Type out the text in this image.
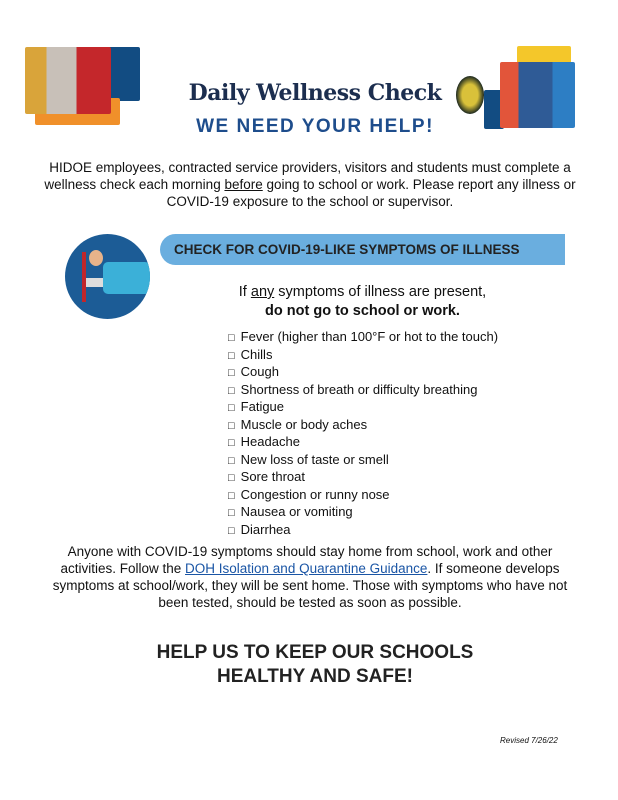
Daily Wellness Check
WE NEED YOUR HELP!

HIDOE employees, contracted service providers, visitors and students must complete a wellness check each morning before going to school or work. Please report any illness or COVID-19 exposure to the school or supervisor.

CHECK FOR COVID-19-LIKE SYMPTOMS OF ILLNESS
If any symptoms of illness are present,
do not go to school or work.
□ Fever (higher than 100°F or hot to the touch)
□ Chills
□ Cough
□ Shortness of breath or difficulty breathing
□ Fatigue
□ Muscle or body aches
□ Headache
□ New loss of taste or smell
□ Sore throat
□ Congestion or runny nose
□ Nausea or vomiting
□ Diarrhea

Anyone with COVID-19 symptoms should stay home from school, work and other activities. Follow the DOH Isolation and Quarantine Guidance. If someone develops symptoms at school/work, they will be sent home. Those with symptoms who have not been tested, should be tested as soon as possible.

HELP US TO KEEP OUR SCHOOLS
HEALTHY AND SAFE!
Revised 7/26/22
